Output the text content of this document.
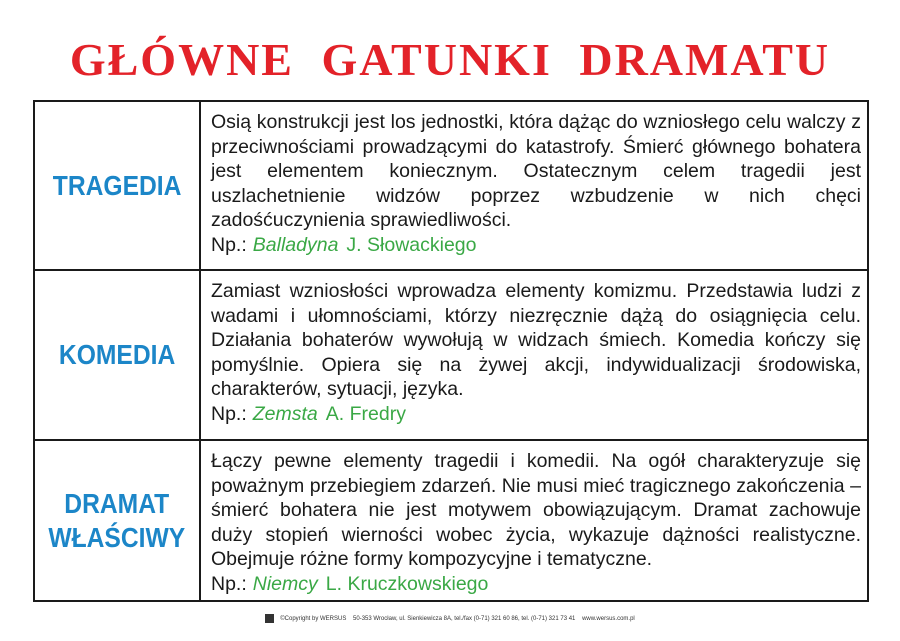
GŁÓWNE GATUNKI DRAMATU
TRAGEDIA

Osią konstrukcji jest los jednostki, która dążąc do wzniosłego celu walczy z przeciwnościami prowadzącymi do katastrofy. Śmierć głównego bohatera jest elementem koniecznym. Ostatecznym celem tragedii jest uszlachetnienie widzów poprzez wzbudzenie w nich chęci zadośćuczynienia sprawiedliwości.

Np.: Balladyna J. Słowackiego
KOMEDIA

Zamiast wzniosłości wprowadza elementy komizmu. Przedstawia ludzi z wadami i ułomnościami, którzy niezręcznie dążą do osiągnięcia celu. Działania bohaterów wywołują w widzach śmiech. Komedia kończy się pomyślnie. Opiera się na żywej akcji, indywidualizacji środowiska, charakterów, sytuacji, języka.

Np.: Zemsta A. Fredry
DRAMAT
WŁAŚCIWY

Łączy pewne elementy tragedii i komedii. Na ogół charakteryzuje się poważnym przebiegiem zdarzeń. Nie musi mieć tragicznego zakończenia – śmierć bohatera nie jest motywem obowiązującym. Dramat zachowuje duży stopień wierności wobec życia, wykazuje dążności realistyczne. Obejmuje różne formy kompozycyjne i tematyczne.

Np.: Niemcy L. Kruczkowskiego
©Copyright by WERSUS 50-353 Wrocław, ul. Sienkiewicza 8A, tel./fax (0-71) 321 60 86, tel. (0-71) 321 73 41 www.wersus.com.pl
